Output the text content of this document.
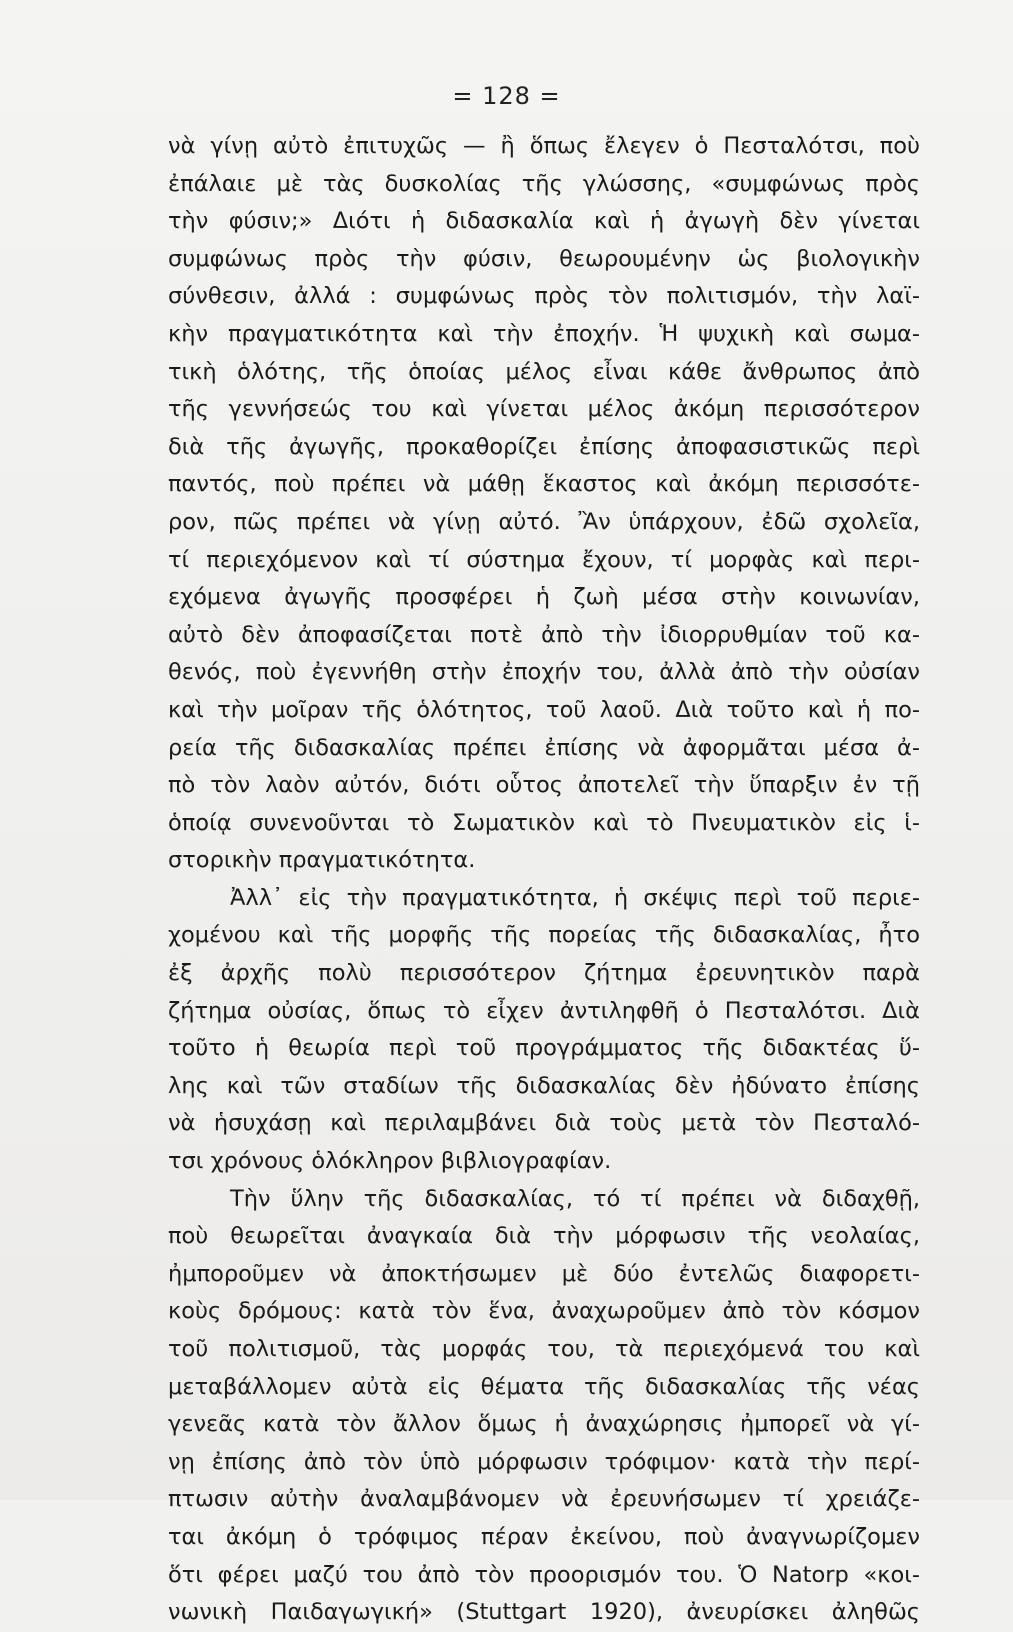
= 128 =
νὰ γίνῃ αὐτὸ ἐπιτυχῶς — ἢ ὅπως ἔλεγεν ὁ Πεσταλότσι, ποὺ
ἐπάλαιε μὲ τὰς δυσκολίας τῆς γλώσσης, «συμφώνως πρὸς
τὴν φύσιν;» Διότι ἡ διδασκαλία καὶ ἡ ἀγωγὴ δὲν γίνεται
συμφώνως πρὸς τὴν φύσιν, θεωρουμένην ὡς βιολογικὴν
σύνθεσιν, ἀλλά : συμφώνως πρὸς τὸν πολιτισμόν, τὴν λαϊ-
κὴν πραγματικότητα καὶ τὴν ἐποχήν. Ἡ ψυχικὴ καὶ σωμα-
τικὴ ὁλότης, τῆς ὁποίας μέλος εἶναι κάθε ἄνθρωπος ἀπὸ
τῆς γεννήσεώς του καὶ γίνεται μέλος ἀκόμη περισσότερον
διὰ τῆς ἀγωγῆς, προκαθορίζει ἐπίσης ἀποφασιστικῶς περὶ
παντός, ποὺ πρέπει νὰ μάθῃ ἕκαστος καὶ ἀκόμη περισσότε-
ρον, πῶς πρέπει νὰ γίνῃ αὐτό. Ἂν ὑπάρχουν, ἐδῶ σχολεῖα,
τί περιεχόμενον καὶ τί σύστημα ἔχουν, τί μορφὰς καὶ περι-
εχόμενα ἀγωγῆς προσφέρει ἡ ζωὴ μέσα στὴν κοινωνίαν,
αὐτὸ δὲν ἀποφασίζεται ποτὲ ἀπὸ τὴν ἰδιορρυθμίαν τοῦ κα-
θενός, ποὺ ἐγεννήθη στὴν ἐποχήν του, ἀλλὰ ἀπὸ τὴν οὐσίαν
καὶ τὴν μοῖραν τῆς ὁλότητος, τοῦ λαοῦ. Διὰ τοῦτο καὶ ἡ πο-
ρεία τῆς διδασκαλίας πρέπει ἐπίσης νὰ ἀφορμᾶται μέσα ἀ-
πὸ τὸν λαὸν αὐτόν, διότι οὗτος ἀποτελεῖ τὴν ὕπαρξιν ἐν τῇ
ὁποίᾳ συνενοῦνται τὸ Σωματικὸν καὶ τὸ Πνευματικὸν εἰς ἱ-
στορικὴν πραγματικότητα.
Ἀλλ᾽ εἰς τὴν πραγματικότητα, ἡ σκέψις περὶ τοῦ περιε-
χομένου καὶ τῆς μορφῆς τῆς πορείας τῆς διδασκαλίας, ἦτο
ἐξ ἀρχῆς πολὺ περισσότερον ζήτημα ἐρευνητικὸν παρὰ
ζήτημα οὐσίας, ὅπως τὸ εἶχεν ἀντιληφθῆ ὁ Πεσταλότσι. Διὰ
τοῦτο ἡ θεωρία περὶ τοῦ προγράμματος τῆς διδακτέας ὕ-
λης καὶ τῶν σταδίων τῆς διδασκαλίας δὲν ἠδύνατο ἐπίσης
νὰ ἡσυχάσῃ καὶ περιλαμβάνει διὰ τοὺς μετὰ τὸν Πεσταλό-
τσι χρόνους ὁλόκληρον βιβλιογραφίαν.
Τὴν ὕλην τῆς διδασκαλίας, τό τί πρέπει νὰ διδαχθῇ,
ποὺ θεωρεῖται ἀναγκαία διὰ τὴν μόρφωσιν τῆς νεολαίας,
ἠμποροῦμεν νὰ ἀποκτήσωμεν μὲ δύο ἐντελῶς διαφορετι-
κοὺς δρόμους: κατὰ τὸν ἕνα, ἀναχωροῦμεν ἀπὸ τὸν κόσμον
τοῦ πολιτισμοῦ, τὰς μορφάς του, τὰ περιεχόμενά του καὶ
μεταβάλλομεν αὐτὰ εἰς θέματα τῆς διδασκαλίας τῆς νέας
γενεᾶς κατὰ τὸν ἄλλον ὅμως ἡ ἀναχώρησις ἠμπορεῖ νὰ γί-
νῃ ἐπίσης ἀπὸ τὸν ὑπὸ μόρφωσιν τρόφιμον· κατὰ τὴν περί-
πτωσιν αὐτὴν ἀναλαμβάνομεν νὰ ἐρευνήσωμεν τί χρειάζε-
ται ἀκόμη ὁ τρόφιμος πέραν ἐκείνου, ποὺ ἀναγνωρίζομεν
ὅτι φέρει μαζύ του ἀπὸ τὸν προορισμόν του. Ὁ Natorp «κοι-
νωνικὴ Παιδαγωγική» (Stuttgart 1920), ἀνευρίσκει ἀληθῶς
